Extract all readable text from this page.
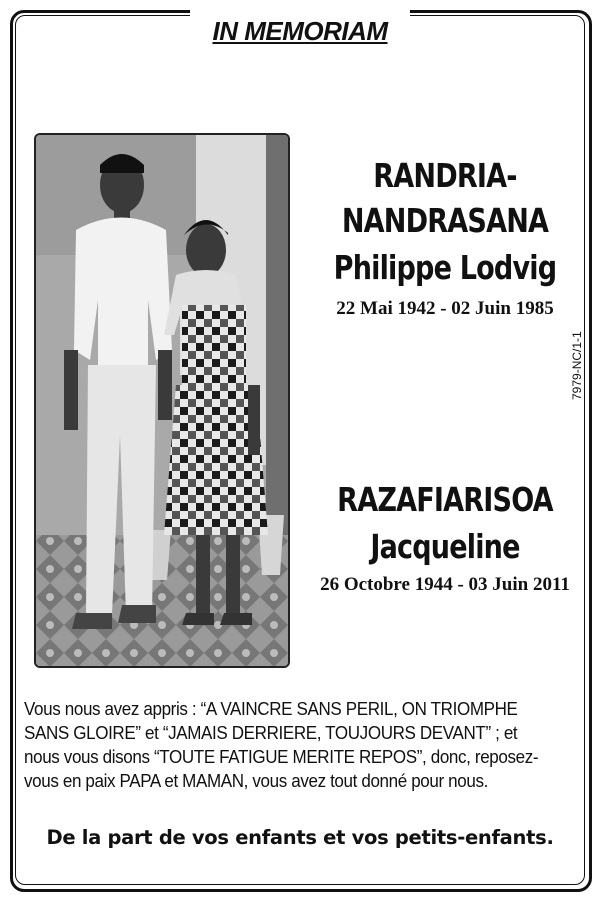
IN MEMORIAM
RANDRIA-
NANDRASANA
Philippe Lodvig
22 Mai 1942 - 02 Juin 1985
RAZAFIARISOA
Jacqueline
26 Octobre 1944 - 03 Juin 2011
7979-NC/1-1
Vous nous avez appris : “A VAINCRE SANS PERIL, ON TRIOMPHE
SANS GLOIRE” et “JAMAIS DERRIERE, TOUJOURS DEVANT” ; et
nous vous disons “TOUTE FATIGUE MERITE REPOS”, donc, reposez-
vous en paix PAPA et MAMAN, vous avez tout donné pour nous.
De la part de vos enfants et vos petits-enfants.
